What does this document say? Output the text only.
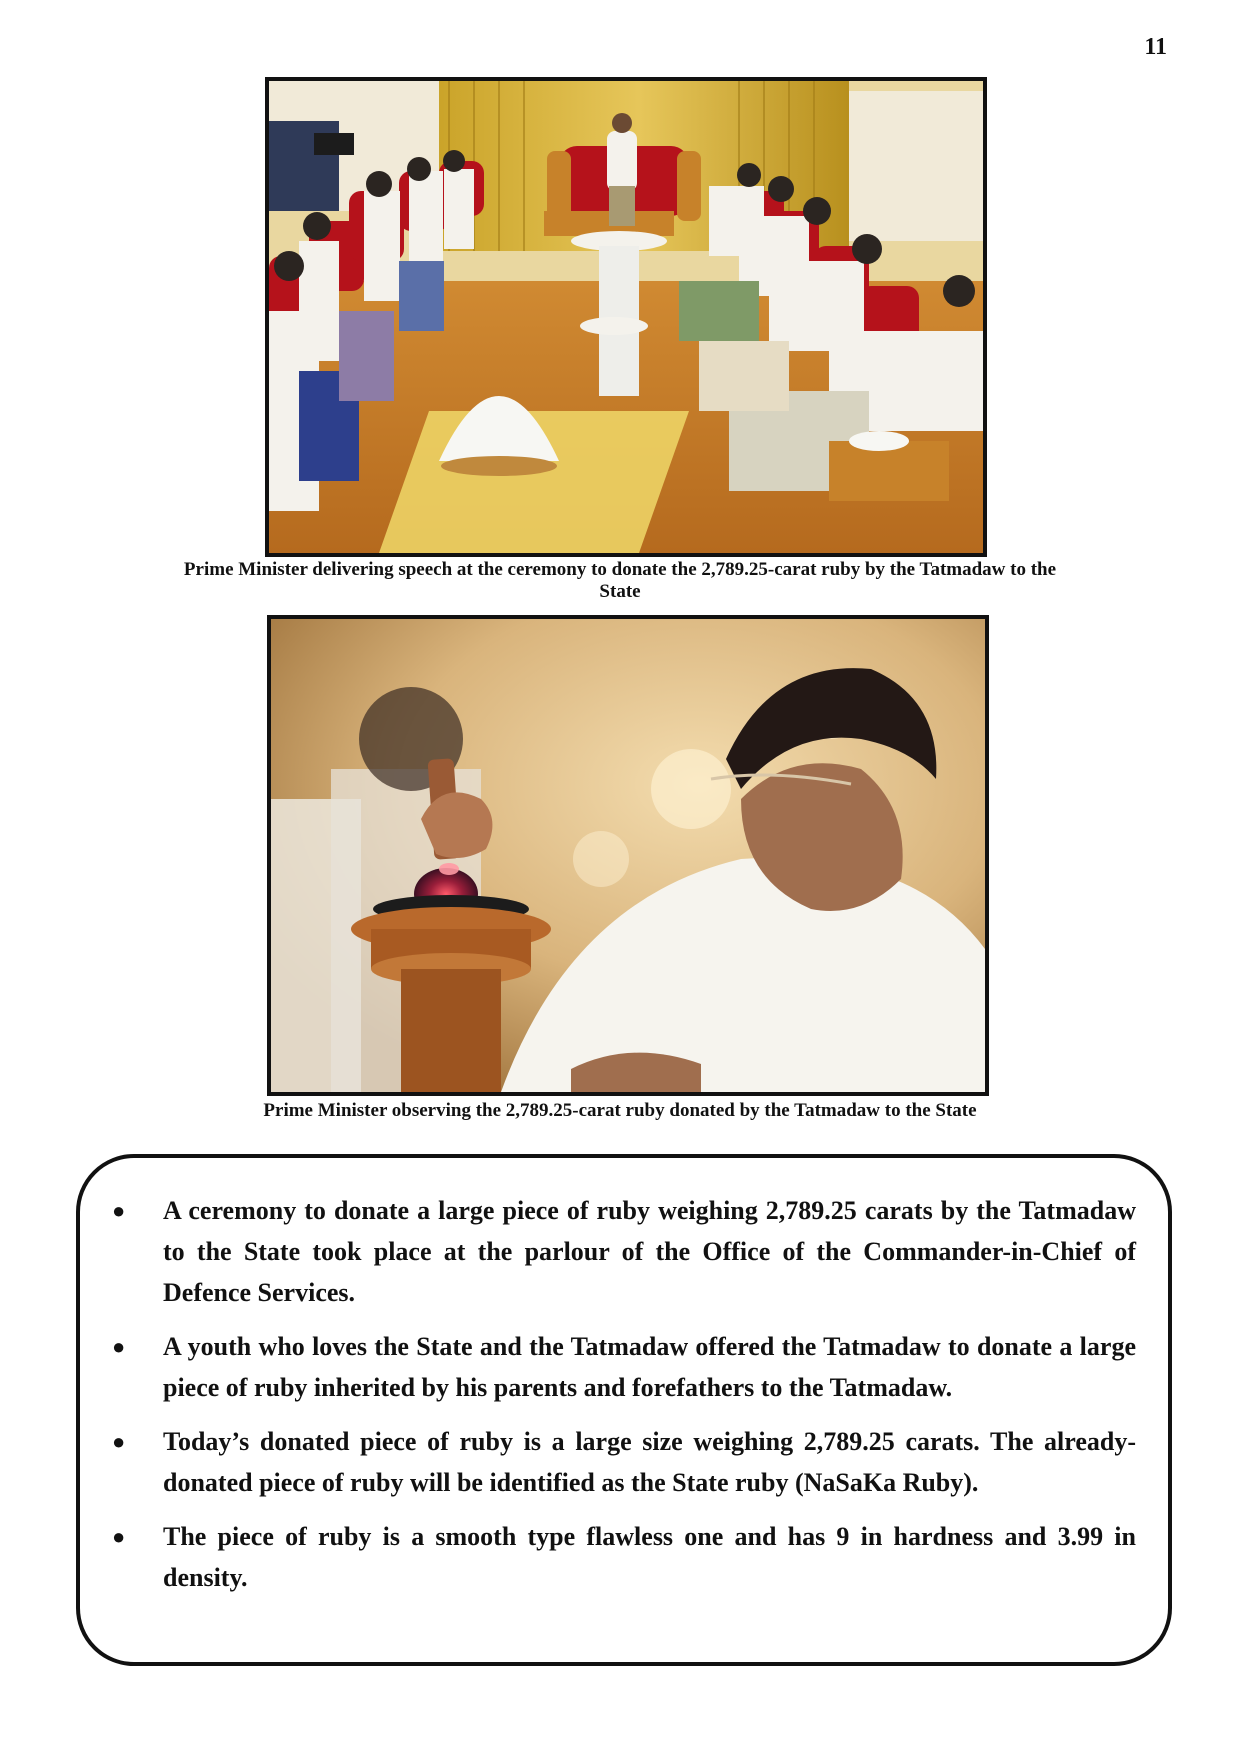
11
Prime Minister delivering speech at the ceremony to donate the 2,789.25-carat ruby by the Tatmadaw to the State
Prime Minister observing the 2,789.25-carat ruby donated by the Tatmadaw to the State
● A ceremony to donate a large piece of ruby weighing 2,789.25 carats by the Tatmadaw to the State took place at the parlour of the Office of the Commander-in-Chief of Defence Services.
● A youth who loves the State and the Tatmadaw offered the Tatmadaw to donate a large piece of ruby inherited by his parents and forefathers to the Tatmadaw.
● Today’s donated piece of ruby is a large size weighing 2,789.25 carats. The already-donated piece of ruby will be identified as the State ruby (NaSaKa Ruby).
● The piece of ruby is a smooth type flawless one and has 9 in hardness and 3.99 in density.
